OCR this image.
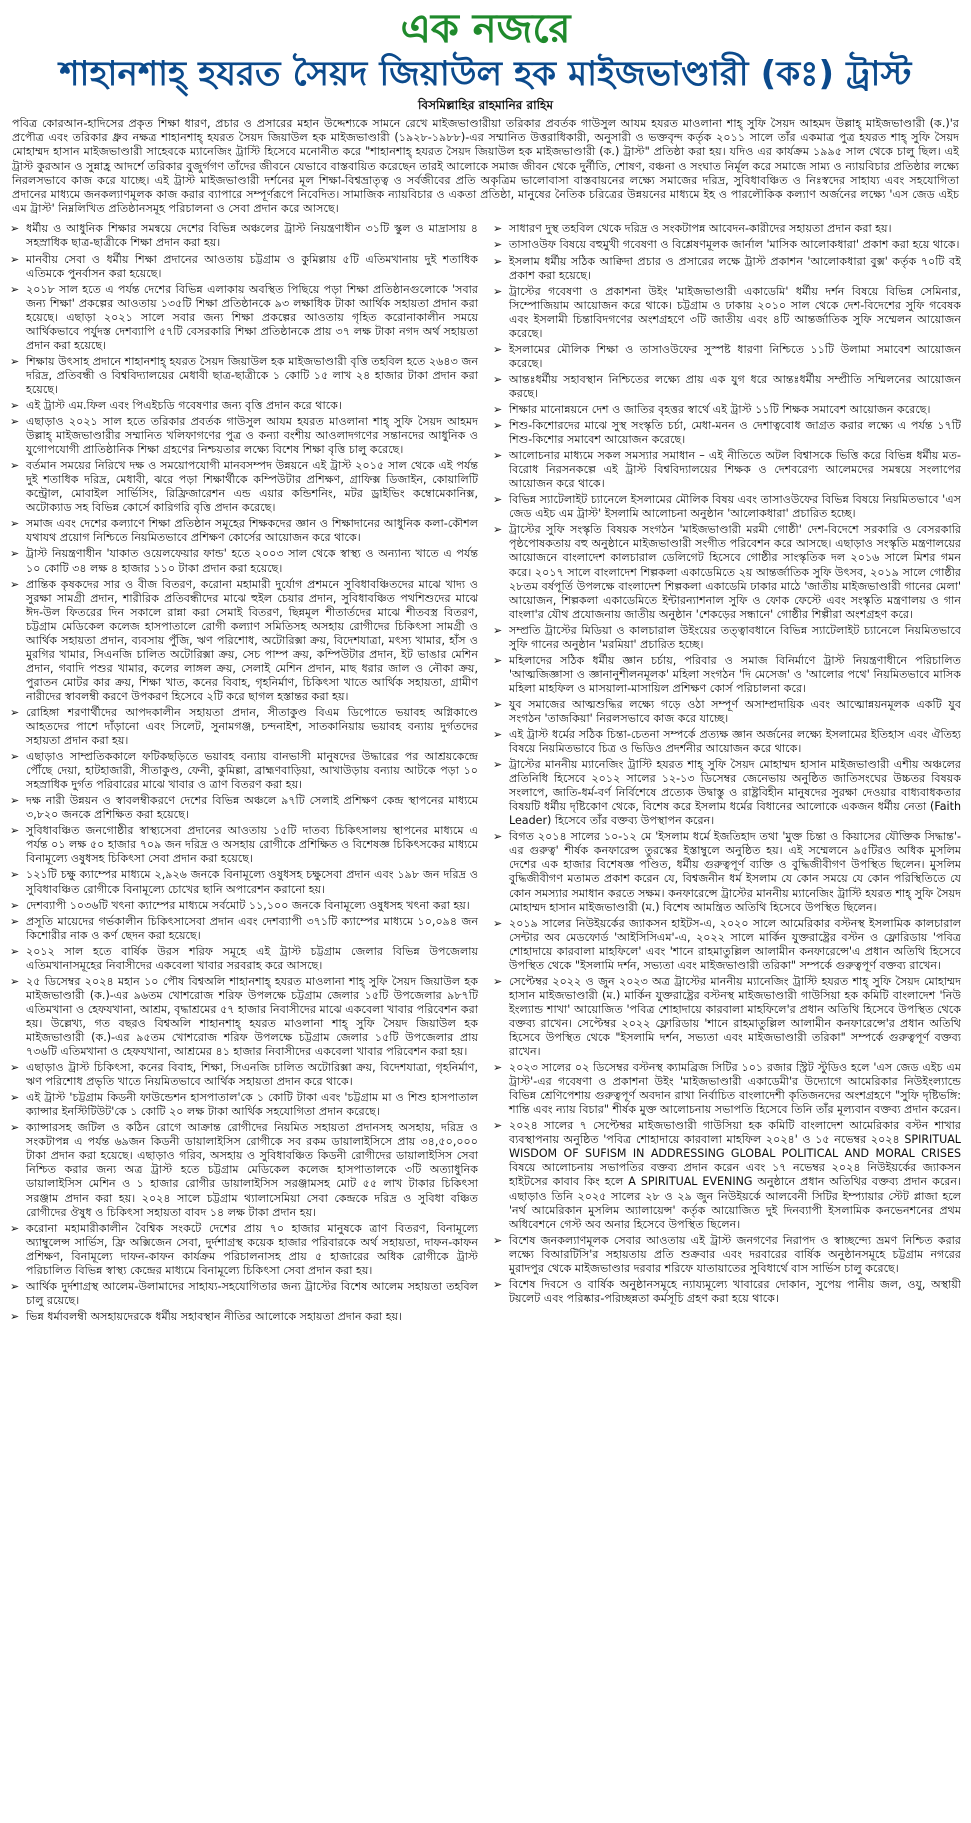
এক নজরে
শাহানশাহ্ হযরত সৈয়দ জিয়াউল হক মাইজভাণ্ডারী (কঃ) ট্রাস্ট
বিসমিল্লাহির রাহমানির রাহিম

পবিত্র কোরআন-হাদিসের প্রকৃত শিক্ষা ধারণ, প্রচার ও প্রসারের মহান উদ্দেশ্যকে সামনে রেখে মাইজভাণ্ডারীয়া তরিকার প্রবর্তক গাউসুল আযম হযরত মাওলানা শাহ্ সুফি সৈয়দ আহমদ উল্লাহ্ মাইজভাণ্ডারী (ক.)'র প্রপৌত্র এবং তরিকার ধ্রুব নক্ষত্র শাহানশাহ্ হযরত সৈয়দ জিয়াউল হক মাইজভাণ্ডারী (১৯২৮-১৯৮৮)-এর সম্মানিত উত্তরাধিকারী, অনুসারী ও ভক্তবৃন্দ কর্তৃক ২০১১ সালে তাঁর একমাত্র পুত্র হযরত শাহ্ সুফি সৈয়দ মোহাম্মদ হাসান মাইজভাণ্ডারী সাহেবকে ম্যানেজিং ট্রাস্টি হিসেবে মনোনীত করে "শাহানশাহ্ হযরত সৈয়দ জিয়াউল হক মাইজভাণ্ডারী (ক.) ট্রাস্ট" প্রতিষ্ঠা করা হয়। যদিও এর কার্যক্রম ১৯৯৫ সাল থেকে চালু ছিল। এই ট্রাস্ট কুরআন ও সুন্নাহ্র আদর্শে তরিকার বুজুর্গগণ তাঁদের জীবনে যেভাবে বাস্তবায়িত করেছেন তারই আলোকে সমাজ জীবন থেকে দুর্নীতি, শোষণ, বঞ্চনা ও সংঘাত নির্মূল করে সমাজে সাম্য ও ন্যায়বিচার প্রতিষ্ঠার লক্ষ্যে নিরলসভাবে কাজ করে যাচ্ছে। এই ট্রাস্ট মাইজভাণ্ডারী দর্শনের মূল শিক্ষা-বিশ্বভ্রাতৃত্ব ও সর্বজীবের প্রতি অকৃত্রিম ভালোবাসা বাস্তবায়নের লক্ষ্যে সমাজের দরিদ্র, সুবিধাবঞ্চিত ও নিঃস্বদের সাহায্য এবং সহযোগিতা প্রদানের মাধ্যমে জনকল্যাণমূলক কাজ করার ব্যাপারে সম্পূর্ণরূপে নিবেদিত। সামাজিক ন্যায়বিচার ও একতা প্রতিষ্ঠা, মানুষের নৈতিক চরিত্রের উন্নয়নের মাধ্যমে ইহ ও পারলৌকিক কল্যাণ অর্জনের লক্ষ্যে 'এস জেড এইচ এম ট্রাস্ট' নিম্নলিখিত প্রতিষ্ঠানসমূহ পরিচালনা ও সেবা প্রদান করে আসছে।

➢ ধর্মীয় ও আধুনিক শিক্ষার সমন্বয়ে দেশের বিভিন্ন অঞ্চলের ট্রাস্ট নিয়ন্ত্রণাধীন ৩১টি স্কুল ও মাদ্রাসায় ৪ সহস্রাধিক ছাত্র-ছাত্রীকে শিক্ষা প্রদান করা হয়।
➢ মানবীয় সেবা ও ধর্মীয় শিক্ষা প্রদানের আওতায় চট্টগ্রাম ও কুমিল্লায় ৫টি এতিমখানায় দুই শতাধিক এতিমকে পুনর্বাসন করা হয়েছে।
➢ ২০১৮ সাল হতে এ পর্যন্ত দেশের বিভিন্ন এলাকায় অবস্থিত পিছিয়ে পড়া শিক্ষা প্রতিষ্ঠানগুলোকে 'সবার জন্য শিক্ষা' প্রকল্পের আওতায় ১৩৫টি শিক্ষা প্রতিষ্ঠানকে ৯৩ লক্ষাধিক টাকা আর্থিক সহায়তা প্রদান করা হয়েছে। এছাড়া ২০২১ সালে সবার জন্য শিক্ষা প্রকল্পের আওতায় গৃহিত করোনাকালীন সময়ে আর্থিকভাবে পর্যুদস্ত দেশব্যাপি ৫৭টি বেসরকারি শিক্ষা প্রতিষ্ঠানকে প্রায় ৩৭ লক্ষ টাকা নগদ অর্থ সহায়তা প্রদান করা হয়েছে।
➢ শিক্ষায় উৎসাহ প্রদানে শাহানশাহ্ হযরত সৈয়দ জিয়াউল হক মাইজভাণ্ডারী বৃত্তি তহবিল হতে ২৬৪৩ জন দরিদ্র, প্রতিবন্ধী ও বিশ্ববিদ্যালয়ের মেধাবী ছাত্র-ছাত্রীকে ১ কোটি ১৫ লাখ ২৪ হাজার টাকা প্রদান করা হয়েছে।
➢ এই ট্রাস্ট এম.ফিল এবং পিএইচডি গবেষণার জন্য বৃত্তি প্রদান করে থাকে।
➢ এছাড়াও ২০২১ সাল হতে তরিকার প্রবর্তক গাউসুল আযম হযরত মাওলানা শাহ্ সুফি সৈয়দ আহমদ উল্লাহ্ মাইজভাণ্ডারীর সম্মানিত খলিফাগণের পুত্র ও কন্যা বংশীয় আওলাদগণের সন্তানদের আধুনিক ও যুগোপযোগী প্রাতিষ্ঠানিক শিক্ষা গ্রহণের নিশ্চয়তার লক্ষ্যে বিশেষ শিক্ষা বৃত্তি চালু করেছে।
➢ বর্তমান সময়ের নিরিখে দক্ষ ও সময়োপযোগী মানবসম্পদ উন্নয়নে এই ট্রাস্ট ২০১৫ সাল থেকে এই পর্যন্ত দুই শতাধিক দরিদ্র, মেধাবী, ঝরে পড়া শিক্ষার্থীকে কম্পিউটার প্রশিক্ষণ, গ্রাফিক্স ডিজাইন, কোয়ালিটি কন্ট্রোল, মোবাইল সার্ভিসিং, রিফ্রিজারেশন এন্ড এয়ার কন্ডিশনিং, মটর ড্রাইভিং কম্বোমেকানিক্স, অটোক্যাড সহ বিভিন্ন কোর্সে কারিগরি বৃত্তি প্রদান করেছে।
➢ সমাজ এবং দেশের কল্যাণে শিক্ষা প্রতিষ্ঠান সমূহের শিক্ষকদের জ্ঞান ও শিক্ষাদানের আধুনিক কলা-কৌশল যথাযথ প্রয়োগ নিশ্চিতে নিয়মিতভাবে প্রশিক্ষণ কোর্সের আয়োজন করে থাকে।
➢ ট্রাস্ট নিয়ন্ত্রণাধীন 'যাকাত ওয়েলফেয়ার ফান্ড' হতে ২০০৩ সাল থেকে স্বাস্থ্য ও অন্যান্য খাতে এ পর্যন্ত ১০ কোটি ৩৪ লক্ষ ৪ হাজার ১১০ টাকা প্রদান করা হয়েছে।
➢ প্রান্তিক কৃষকদের সার ও বীজ বিতরণ, করোনা মহামারী দুর্যোগ প্রশমনে সুবিধাবঞ্চিতদের মাঝে খাদ্য ও সুরক্ষা সামগ্রী প্রদান, শারীরিক প্রতিবন্ধীদের মাঝে হুইল চেয়ার প্রদান, সুবিধাবঞ্চিত পথশিশুদের মাঝে ঈদ-উল ফিতরের দিন সকালে রান্না করা সেমাই বিতরণ, ছিন্নমূল শীতার্তদের মাঝে শীতবস্ত্র বিতরণ, চট্টগ্রাম মেডিকেল কলেজ হাসপাতালে রোগী কল্যাণ সমিতিসহ অসহায় রোগীদের চিকিৎসা সামগ্রী ও আর্থিক সহায়তা প্রদান, ব্যবসায় পুঁজি, ঋণ পরিশোধ, অটোরিক্সা ক্রয়, বিদেশযাত্রা, মৎস্য খামার, হাঁস ও মুরগির খামার, সিএনজি চালিত অটোরিক্সা ক্রয়, সেচ পাম্প ক্রয়, কম্পিউটার প্রদান, ইট ভাঙার মেশিন প্রদান, গবাদি পশুর খামার, কলের লাঙ্গল ক্রয়, সেলাই মেশিন প্রদান, মাছ ধরার জাল ও নৌকা ক্রয়, পুরাতন মোটর কার ক্রয়, শিক্ষা খাত, কনের বিবাহ, গৃহনির্মাণ, চিকিৎসা খাতে আর্থিক সহায়তা, গ্রামীণ নারীদের স্বাবলম্বী করণে উপকরণ হিসেবে ২টি করে ছাগল হস্তান্তর করা হয়।
➢ রোহিঙ্গা শরণার্থীদের আপদকালীন সহায়তা প্রদান, সীতাকুণ্ড বিএম ডিপোতে ভয়াবহ অগ্নিকাণ্ডে আহতদের পাশে দাঁড়ানো এবং সিলেট, সুনামগঞ্জ, চন্দনাইশ, সাতকানিয়ায় ভয়াবহ বন্যায় দুর্গতদের সহায়তা প্রদান করা হয়।
➢ এছাড়াও সাম্প্রতিককালে ফটিকছড়িতে ভয়াবহ বন্যায় বানভাসী মানুষদের উদ্ধারের পর আশ্রয়কেন্দ্রে পৌঁছে দেয়া, হাটহাজারী, সীতাকুণ্ড, ফেনী, কুমিল্লা, ব্রাহ্মণবাড়িয়া, আখাউড়ায় বন্যায় আটকে পড়া ১০ সহস্রাধিক দুর্গত পরিবারের মাঝে খাবার ও ত্রাণ বিতরণ করা হয়।
➢ দক্ষ নারী উন্নয়ন ও স্বাবলম্বীকরণে দেশের বিভিন্ন অঞ্চলে ৯৭টি সেলাই প্রশিক্ষণ কেন্দ্র স্থাপনের মাধ্যমে ৩,৮২০ জনকে প্রশিক্ষিত করা হয়েছে।
➢ সুবিধাবঞ্চিত জনগোষ্ঠীর স্বাস্থ্যসেবা প্রদানের আওতায় ১৫টি দাতব্য চিকিৎসালয় স্থাপনের মাধ্যমে এ পর্যন্ত ০১ লক্ষ ৫০ হাজার ৭০৯ জন দরিদ্র ও অসহায় রোগীকে প্রশিক্ষিত ও বিশেষজ্ঞ চিকিৎসকের মাধ্যমে বিনামূল্যে ওষুধসহ চিকিৎসা সেবা প্রদান করা হয়েছে।
➢ ১২১টি চক্ষু ক্যাম্পের মাধ্যমে ২,৯২৬ জনকে বিনামূল্যে ওষুধসহ চক্ষুসেবা প্রদান এবং ১৯৮ জন দরিদ্র ও সুবিধাবঞ্চিত রোগীকে বিনামূল্যে চোখের ছানি অপারেশন করানো হয়।
➢ দেশব্যাপী ১০৩৬টি খৎনা ক্যাম্পের মাধ্যমে সর্বমোট ১১,১০০ জনকে বিনামূল্যে ওষুধসহ খৎনা করা হয়।
➢ প্রসূতি মায়েদের গর্ভকালীন চিকিৎসাসেবা প্রদান এবং দেশব্যাপী ৩৭১টি ক্যাম্পের মাধ্যমে ১০,০৯৪ জন কিশোরীর নাক ও কর্ণ ছেদন করা হয়েছে।
➢ ২০১২ সাল হতে বার্ষিক উরস শরিফ সমূহে এই ট্রাস্ট চট্টগ্রাম জেলার বিভিন্ন উপজেলায় এতিমখানাসমূহের নিবাসীদের একবেলা খাবার সরবরাহ করে আসছে।
➢ ২৫ ডিসেম্বর ২০২৪ মহান ১০ পৌষ বিশ্বঅলি শাহানশাহ্ হযরত মাওলানা শাহ্ সুফি সৈয়দ জিয়াউল হক মাইজভাণ্ডারী (ক.)-এর ৯৬তম খোশরোজ শরিফ উপলক্ষে চট্টগ্রাম জেলার ১৫টি উপজেলার ৯৮৭টি এতিমখানা ও হেফযখানা, আশ্রম, বৃদ্ধাশ্রমের ৫৭ হাজার নিবাসীদের মাঝে একবেলা খাবার পরিবেশন করা হয়। উল্লেখ্য, গত বছরও বিশ্বঅলি শাহানশাহ্ হযরত মাওলানা শাহ্ সুফি সৈয়দ জিয়াউল হক মাইজভাণ্ডারী (ক.)-এর ৯৫তম খোশরোজ শরিফ উপলক্ষে চট্টগ্রাম জেলার ১৫টি উপজেলার প্রায় ৭৩৬টি এতিমখানা ও হেফযখানা, আশ্রমের ৪১ হাজার নিবাসীদের একবেলা খাবার পরিবেশন করা হয়।
➢ এছাড়াও ট্রাস্ট চিকিৎসা, কনের বিবাহ, শিক্ষা, সিএনজি চালিত অটোরিক্সা ক্রয়, বিদেশযাত্রা, গৃহনির্মাণ, ঋণ পরিশোধ প্রভৃতি খাতে নিয়মিতভাবে আর্থিক সহায়তা প্রদান করে থাকে।
➢ এই ট্রাস্ট 'চট্টগ্রাম কিডনী ফাউন্ডেশন হাসপাতাল'কে ১ কোটি টাকা এবং 'চট্টগ্রাম মা ও শিশু হাসপাতাল ক্যান্সার ইনস্টিটিউট'কে ১ কোটি ২০ লক্ষ টাকা আর্থিক সহযোগিতা প্রদান করেছে।
➢ ক্যান্সারসহ জটিল ও কঠিন রোগে আক্রান্ত রোগীদের নিয়মিত সহায়তা প্রদানসহ অসহায়, দরিদ্র ও সংকটাপন্ন এ পর্যন্ত ৬৯জন কিডনী ডায়ালাইসিস রোগীকে সব রকম ডায়ালাইসিসে প্রায় ৩৪,৫০,০০০ টাকা প্রদান করা হয়েছে। এছাড়াও গরিব, অসহায় ও সুবিধাবঞ্চিত কিডনী রোগীদের ডায়ালাইসিস সেবা নিশ্চিত করার জন্য অত্র ট্রাস্ট হতে চট্টগ্রাম মেডিকেল কলেজ হাসপাতালকে ৩টি অত্যাধুনিক ডায়ালাইসিস মেশিন ও ১ হাজার রোগীর ডায়ালাইসিস সরঞ্জামসহ মোট ৫৫ লাখ টাকার চিকিৎসা সরঞ্জাম প্রদান করা হয়। ২০২৪ সালে চট্টগ্রাম থ্যালাসেমিয়া সেবা কেন্দ্রকে দরিদ্র ও সুবিধা বঞ্চিত রোগীদের ঔষুধ ও চিকিৎসা সহায়তা বাবদ ১৪ লক্ষ টাকা প্রদান হয়।
➢ করোনা মহামারীকালীন বৈশ্বিক সংকটে দেশের প্রায় ৭০ হাজার মানুষকে ত্রাণ বিতরণ, বিনামূল্যে অ্যাম্বুলেন্স সার্ভিস, ফ্রি অক্সিজেন সেবা, দুর্দশাগ্রস্থ কয়েক হাজার পরিবারকে অর্থ সহায়তা, দাফন-কাফন প্রশিক্ষণ, বিনামূল্যে দাফন-কাফন কার্যক্রম পরিচালনাসহ প্রায় ৫ হাজারের অধিক রোগীকে ট্রাস্ট পরিচালিত বিভিন্ন স্বাস্থ্য কেন্দ্রের মাধ্যমে বিনামূল্যে চিকিৎসা সেবা প্রদান করা হয়।
➢ আর্থিক দুর্দশাগ্রস্থ আলেম-উলামাদের সাহায্য-সহযোগিতার জন্য ট্রাস্টের বিশেষ আলেম সহায়তা তহবিল চালু রয়েছে।
➢ ভিন্ন ধর্মাবলম্বী অসহায়দেরকে ধর্মীয় সহাবস্থান নীতির আলোকে সহায়তা প্রদান করা হয়।
➢ সাধারণ দুস্থ তহবিল থেকে দরিদ্র ও সংকটাপন্ন আবেদন-কারীদের সহায়তা প্রদান করা হয়।
➢ তাসাওউফ বিষয়ে বহুমুখী গবেষণা ও বিশ্লেষণমূলক জার্নাল 'মাসিক আলোকধারা' প্রকাশ করা হয়ে থাকে।
➢ ইসলাম ধর্মীয় সঠিক আক্বিদা প্রচার ও প্রসারের লক্ষে ট্রাস্ট প্রকাশন 'আলোকধারা বুক্স' কর্তৃক ৭০টি বই প্রকাশ করা হয়েছে।
➢ ট্রাস্টের গবেষণা ও প্রকাশনা উইং 'মাইজভাণ্ডারী একাডেমি' ধর্মীয় দর্শন বিষয়ে বিভিন্ন সেমিনার, সিম্পোজিয়াম আয়োজন করে থাকে। চট্টগ্রাম ও ঢাকায় ২০১০ সাল থেকে দেশ-বিদেশের সুফি গবেষক এবং ইসলামী চিন্তাবিদগণের অংশগ্রহণে ৩টি জাতীয় এবং ৪টি আন্তর্জাতিক সুফি সম্মেলন আয়োজন করেছে।
➢ ইসলামের মৌলিক শিক্ষা ও তাসাওউফের সুস্পষ্ট ধারণা নিশ্চিতে ১১টি উলামা সমাবেশ আয়োজন করেছে।
➢ আন্তঃধর্মীয় সহাবস্থান নিশ্চিতের লক্ষ্যে প্রায় এক যুগ ধরে আন্তঃধর্মীয় সম্প্রীতি সম্মিলনের আয়োজন করছে।
➢ শিক্ষার মানোন্নয়নে দেশ ও জাতির বৃহত্তর স্বার্থে এই ট্রাস্ট ১১টি শিক্ষক সমাবেশ আয়োজন করেছে।
➢ শিশু-কিশোরদের মাঝে সুস্থ সংস্কৃতি চর্চা, মেধা-মনন ও দেশাত্ববোধ জাগ্রত করার লক্ষ্যে এ পর্যন্ত ১৭টি শিশু-কিশোর সমাবেশ আয়োজন করেছে।
➢ আলোচনার মাধ্যমে সকল সমস্যার সমাধান – এই নীতিতে অটল বিশ্বাসকে ভিত্তি করে বিভিন্ন ধর্মীয় মত-বিরোধ নিরসনকল্পে এই ট্রাস্ট বিশ্ববিদ্যালয়ের শিক্ষক ও দেশবরেণ্য আলেমদের সমন্বয়ে সংলাপের আয়োজন করে থাকে।
➢ বিভিন্ন স্যাটেলাইট চ্যানেলে ইসলামের মৌলিক বিষয় এবং তাসাওউফের বিভিন্ন বিষয়ে নিয়মিতভাবে 'এস জেড এইচ এম ট্রাস্ট' ইসলামি আলোচনা অনুষ্ঠান 'আলোকধারা' প্রচারিত হচ্ছে।
➢ ট্রাস্টের সুফি সংস্কৃতি বিষয়ক সংগঠন 'মাইজভাণ্ডারী মরমী গোষ্ঠী' দেশ-বিদেশে সরকারি ও বেসরকারি পৃষ্ঠপোষকতায় বহু অনুষ্ঠানে মাইজভাণ্ডারী সংগীত পরিবেশন করে আসছে। এছাড়াও সংস্কৃতি মন্ত্রণালয়ের আয়োজনে বাংলাদেশ কালচারাল ডেলিগেট হিসেবে গোষ্ঠীর সাংস্কৃতিক দল ২০১৬ সালে মিশর গমন করে। ২০১৭ সালে বাংলাদেশ শিল্পকলা একাডেমিতে ২য় আন্তর্জাতিক সুফি উৎসব, ২০১৯ সালে গোষ্ঠীর ২৮তম বর্ষপূর্তি উপলক্ষে বাংলাদেশ শিল্পকলা একাডেমি ঢাকার মাঠে 'জাতীয় মাইজভাণ্ডারী গানের মেলা' আয়োজন, শিল্পকলা একাডেমিতে ইন্টারন্যাশনাল সুফি ও ফোক ফেস্টে এবং সংস্কৃতি মন্ত্রণালয় ও গান বাংলা'র যৌথ প্রযোজনায় জাতীয় অনুষ্ঠান 'শেকড়ের সন্ধানে' গোষ্ঠীর শিল্পীরা অংশগ্রহণ করে।
➢ সম্প্রতি ট্রাস্টের মিডিয়া ও কালচারাল উইংয়ের তত্ত্বাবধানে বিভিন্ন স্যাটেলাইট চ্যানেলে নিয়মিতভাবে সুফি গানের অনুষ্ঠান 'মরমিয়া' প্রচারিত হচ্ছে।
➢ মহিলাদের সঠিক ধর্মীয় জ্ঞান চর্চায়, পরিবার ও সমাজ বিনির্মাণে ট্রাস্ট নিয়ন্ত্রণাধীনে পরিচালিত 'আত্মজিজ্ঞাসা ও জ্ঞানানুশীলনমূলক' মহিলা সংগঠন 'দি মেসেজ' ও 'আলোর পথে' নিয়মিতভাবে মাসিক মহিলা মাহফিল ও মাসয়ালা-মাসায়িল প্রশিক্ষণ কোর্স পরিচালনা করে।
➢ যুব সমাজের আত্মশুদ্ধির লক্ষ্যে গড়ে ওঠা সম্পূর্ণ অসাম্প্রদায়িক এবং আত্মোন্নয়নমূলক একটি যুব সংগঠন 'তাজকিয়া' নিরলসভাবে কাজ করে যাচ্ছে।
➢ এই ট্রাস্ট ধর্মের সঠিক চিন্তা-চেতনা সম্পর্কে প্রত্যক্ষ জ্ঞান অর্জনের লক্ষ্যে ইসলামের ইতিহাস এবং ঐতিহ্য বিষয়ে নিয়মিতভাবে চিত্র ও ভিডিও প্রদর্শনীর আয়োজন করে থাকে।
➢ ট্রাস্টের মাননীয় ম্যানেজিং ট্রাস্টি হযরত শাহ্ সুফি সৈয়দ মোহাম্মদ হাসান মাইজভাণ্ডারী এশীয় অঞ্চলের প্রতিনিধি হিসেবে ২০১২ সালের ১২-১৩ ডিসেম্বর জেনেভায় অনুষ্ঠিত জাতিসংঘের উচ্চতর বিষয়ক সংলাপে, জাতি-ধর্ম-বর্ণ নির্বিশেষে প্রত্যেক উদ্বাস্তু ও রাষ্ট্রবিহীন মানুষদের সুরক্ষা দেওয়ার বাধ্যবাধকতার বিষয়টি ধর্মীয় দৃষ্টিকোণ থেকে, বিশেষ করে ইসলাম ধর্মের বিধানের আলোকে একজন ধর্মীয় নেতা (Faith Leader) হিসেবে তাঁর বক্তব্য উপস্থাপন করেন।
➢ বিগত ২০১৪ সালের ১০-১২ মে 'ইসলাম ধর্মে ইজতিহাদ তথা 'মুক্ত চিন্তা ও কিয়াসের যৌক্তিক সিদ্ধান্ত'-এর গুরুত্ব' শীর্ষক কনফারেন্স তুরস্কের ইস্তাম্বুলে অনুষ্ঠিত হয়। এই সম্মেলনে ৯৫টিরও অধিক মুসলিম দেশের এক হাজার বিশেষজ্ঞ পণ্ডিত, ধর্মীয় গুরুত্বপূর্ণ ব্যক্তি ও বুদ্ধিজীবীগণ উপস্থিত ছিলেন। মুসলিম বুদ্ধিজীবীগণ মতামত প্রকাশ করেন যে, বিশ্বজনীন ধর্ম ইসলাম যে কোন সময়ে যে কোন পরিস্থিতিতে যে কোন সমস্যার সমাধান করতে সক্ষম। কনফারেন্সে ট্রাস্টের মাননীয় ম্যানেজিং ট্রাস্টি হযরত শাহ্ সুফি সৈয়দ মোহাম্মদ হাসান মাইজভাণ্ডারী (ম.) বিশেষ আমন্ত্রিত অতিথি হিসেবে উপস্থিত ছিলেন।
➢ ২০১৯ সালের নিউইয়র্কের জ্যাকসন হাইটস-এ, ২০২০ সালে আমেরিকার বস্টনস্থ ইসলামিক কালচারাল সেন্টার অব মেডফোর্ড 'আইসিসিএম'-এ, ২০২২ সালে মার্কিন যুক্তরাষ্ট্রের বস্টন ও ফ্লোরিডায় 'পবিত্র শোহাদায়ে কারবালা মাহফিলে' এবং 'শানে রাহমাতুল্লিল আলামীন কনফারেন্সে'এ প্রধান অতিথি হিসেবে উপস্থিত থেকে "ইসলামি দর্শন, সভ্যতা এবং মাইজভাণ্ডারী তরিকা" সম্পর্কে গুরুত্বপূর্ণ বক্তব্য রাখেন।
➢ সেপ্টেম্বর ২০২২ ও জুন ২০২৩ অত্র ট্রাস্টের মাননীয় ম্যানেজিং ট্রাস্টি হযরত শাহ্ সুফি সৈয়দ মোহাম্মদ হাসান মাইজভাণ্ডারী (ম.) মার্কিন যুক্তরাষ্ট্রের বস্টনস্থ মাইজভাণ্ডারী গাউসিয়া হক কমিটি বাংলাদেশ 'নিউ ইংল্যান্ড শাখা' আয়োজিত 'পবিত্র শোহাদায়ে কারবালা মাহফিলে'র প্রধান অতিথি হিসেবে উপস্থিত থেকে বক্তব্য রাখেন। সেপ্টেম্বর ২০২২ ফ্লোরিডায় 'শানে রাহমাতুল্লিল আলামীন কনফারেন্সে'র প্রধান অতিথি হিসেবে উপস্থিত থেকে "ইসলামি দর্শন, সভ্যতা এবং মাইজভাণ্ডারী তরিকা" সম্পর্কে গুরুত্বপূর্ণ বক্তব্য রাখেন।
➢ ২০২৩ সালের ০২ ডিসেম্বর বস্টনস্থ ক্যামব্রিজ সিটির ১০১ রজার স্ট্রিট স্টুডিও হলে 'এস জেড এইচ এম ট্রাস্ট'-এর গবেষণা ও প্রকাশনা উইং 'মাইজভাণ্ডারী একাডেমী'র উদ্যোগে আমেরিকার নিউইংল্যান্ডে বিভিন্ন শ্রেণিপেশায় গুরুত্বপূর্ণ অবদান রাখা নির্বাচিত বাংলাদেশী কৃতিজনদের অংশগ্রহণে "সুফি দৃষ্টিভঙ্গি: শান্তি এবং ন্যায় বিচার" শীর্ষক মুক্ত আলোচনায় সভাপতি হিসেবে তিনি তাঁর মূল্যবান বক্তব্য প্রদান করেন।
➢ ২০২৪ সালের ৭ সেপ্টেম্বর মাইজভাণ্ডারী গাউসিয়া হক কমিটি বাংলাদেশ আমেরিকার বস্টন শাখার ব্যবস্থাপনায় অনুষ্ঠিত 'পবিত্র শোহাদায়ে কারবালা মাহফিল ২০২৪' ও ১৫ নভেম্বর ২০২৪ SPIRITUAL WISDOM OF SUFISM IN ADDRESSING GLOBAL POLITICAL AND MORAL CRISES বিষয়ে আলোচনায় সভাপতির বক্তব্য প্রদান করেন এবং ১৭ নভেম্বর ২০২৪ নিউইয়র্কের জ্যাকসন হাইটসের কাবাব কিং হলে A SPIRITUAL EVENING অনুষ্ঠানে প্রধান অতিথির বক্তব্য প্রদান করেন। এছাড়াও তিনি ২০২৫ সালের ২৮ ও ২৯ জুন নিউইয়র্কে আলবেনী সিটির ইম্প্যায়ার স্টেট প্লাজা হলে 'নর্থ আমেরিকান মুসলিম অ্যালায়েন্স' কর্তৃক আয়োজিত দুই দিনব্যাপী ইসলামিক কনভেনশনের প্রথম অধিবেশনে গেস্ট অব অনার হিসেবে উপস্থিত ছিলেন।
➢ বিশেষ জনকল্যাণমূলক সেবার আওতায় এই ট্রাস্ট জনগণের নিরাপদ ও স্বাচ্ছন্দ্যে ভ্রমণ নিশ্চিত করার লক্ষ্যে বিআরটিসি'র সহায়তায় প্রতি শুক্রবার এবং দরবারের বার্ষিক অনুষ্ঠানসমূহে চট্টগ্রাম নগরের মুরাদপুর থেকে মাইজভাণ্ডার দরবার শরিফে যাতায়াতের সুবিধার্থে বাস সার্ভিস চালু করেছে।
➢ বিশেষ দিবসে ও বার্ষিক অনুষ্ঠানসমূহে ন্যায্যমূল্যে খাবারের দোকান, সুপেয় পানীয় জল, ওযু, অস্থায়ী টয়লেট এবং পরিষ্কার-পরিচ্ছন্নতা কর্মসূচি গ্রহণ করা হয়ে থাকে।
